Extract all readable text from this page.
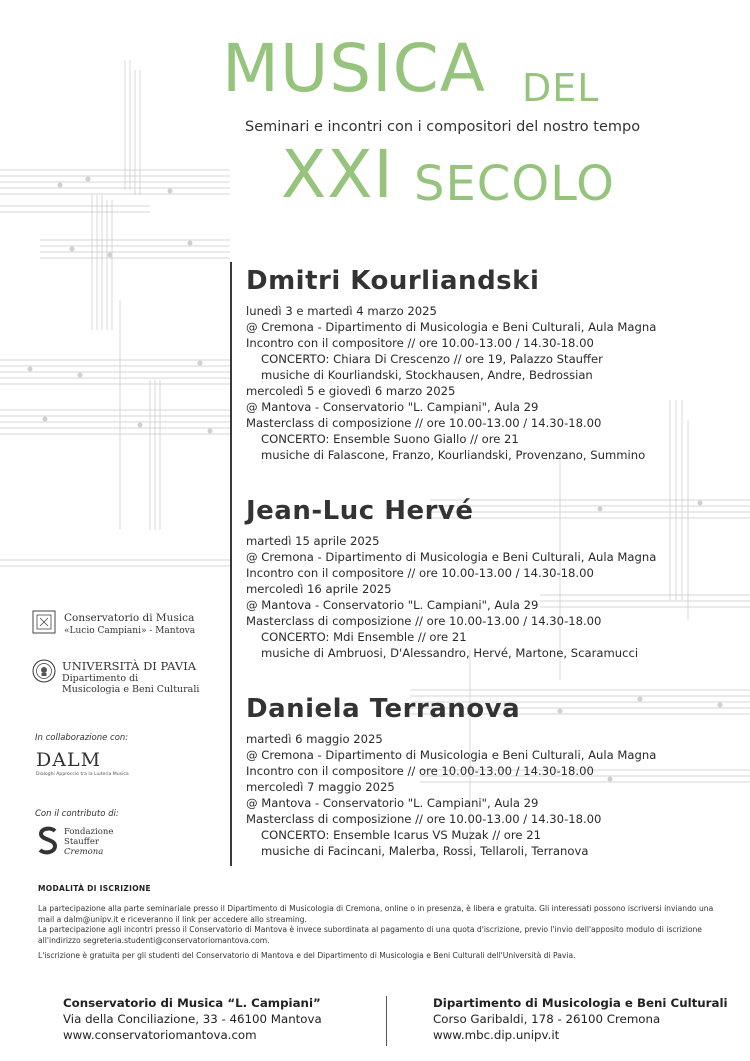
MUSICA DEL
Seminari e incontri con i compositori del nostro tempo
XXI SECOLO
Dmitri Kourliandski
lunedì 3 e martedì 4 marzo 2025
@ Cremona - Dipartimento di Musicologia e Beni Culturali, Aula Magna
Incontro con il compositore // ore 10.00-13.00 / 14.30-18.00
CONCERTO: Chiara Di Crescenzo // ore 19, Palazzo Stauffer
musiche di Kourliandski, Stockhausen, Andre, Bedrossian
mercoledì 5 e giovedì 6 marzo 2025
@ Mantova - Conservatorio "L. Campiani", Aula 29
Masterclass di composizione // ore 10.00-13.00 / 14.30-18.00
CONCERTO: Ensemble Suono Giallo // ore 21
musiche di Falascone, Franzo, Kourliandski, Provenzano, Summino
Jean-Luc Hervé
martedì 15 aprile 2025
@ Cremona - Dipartimento di Musicologia e Beni Culturali, Aula Magna
Incontro con il compositore // ore 10.00-13.00 / 14.30-18.00
mercoledì 16 aprile 2025
@ Mantova - Conservatorio "L. Campiani", Aula 29
Masterclass di composizione // ore 10.00-13.00 / 14.30-18.00
CONCERTO: Mdi Ensemble // ore 21
musiche di Ambruosi, D'Alessandro, Hervé, Martone, Scaramucci
Daniela Terranova
martedì 6 maggio 2025
@ Cremona - Dipartimento di Musicologia e Beni Culturali, Aula Magna
Incontro con il compositore // ore 10.00-13.00 / 14.30-18.00
mercoledì 7 maggio 2025
@ Mantova - Conservatorio "L. Campiani", Aula 29
Masterclass di composizione // ore 10.00-13.00 / 14.30-18.00
CONCERTO: Ensemble Icarus VS Muzak // ore 21
musiche di Facincani, Malerba, Rossi, Tellaroli, Terranova
Conservatorio di Musica
«Lucio Campiani» - Mantova
UNIVERSITÀ DI PAVIA
Dipartimento di
Musicologia e Beni Culturali
In collaborazione con:
DALM
Dialoghi Approccio tra la Liuteria Musica
Con il contributo di:
Fondazione
Stauffer
Cremona
MODALITÀ DI ISCRIZIONE
La partecipazione alla parte seminariale presso il Dipartimento di Musicologia di Cremona, online o in presenza, è libera e gratuita. Gli interessati possono iscriversi inviando una mail a dalm@unipv.it e riceveranno il link per accedere allo streaming.
La partecipazione agli incontri presso il Conservatorio di Mantova è invece subordinata al pagamento di una quota d'iscrizione, previo l'invio dell'apposito modulo di iscrizione all'indirizzo segreteria.studenti@conservatoriomantova.com.
L'iscrizione è gratuita per gli studenti del Conservatorio di Mantova e del Dipartimento di Musicologia e Beni Culturali dell'Università di Pavia.
Conservatorio di Musica “L. Campiani”
Via della Conciliazione, 33 - 46100 Mantova
www.conservatoriomantova.com
Dipartimento di Musicologia e Beni Culturali
Corso Garibaldi, 178 - 26100 Cremona
www.mbc.dip.unipv.it
